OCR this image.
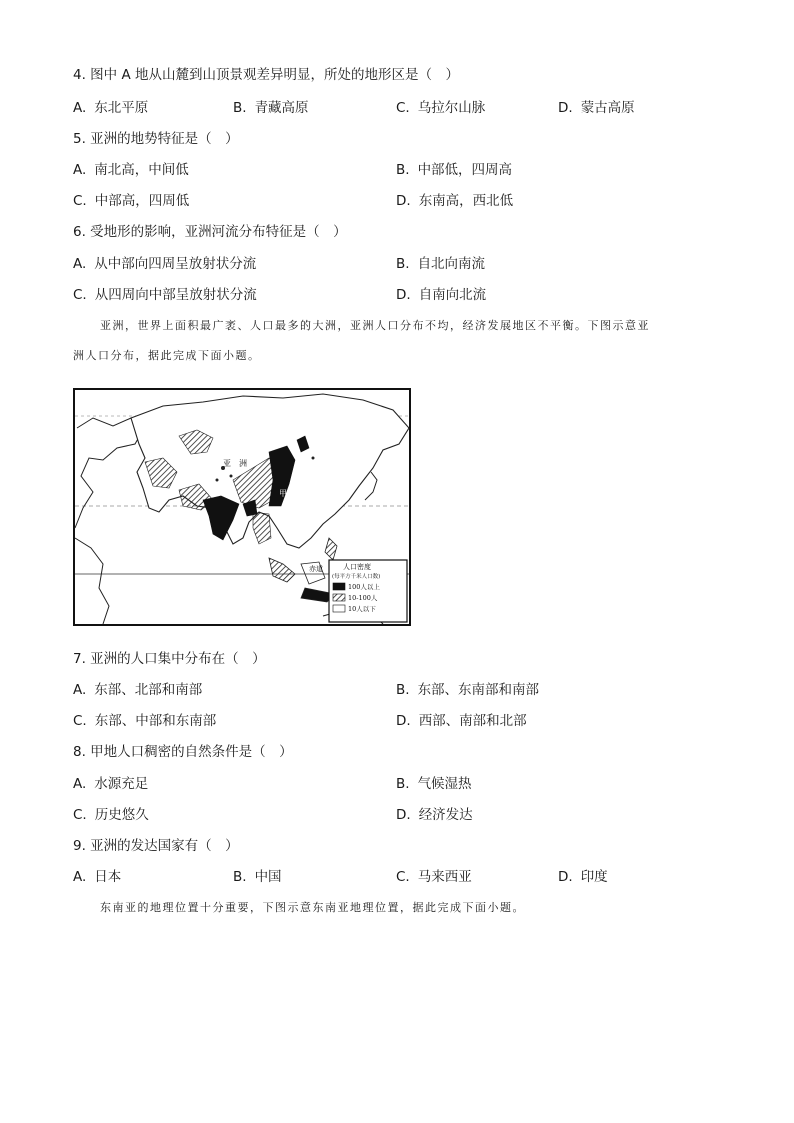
4. 图中 A 地从山麓到山顶景观差异明显，所处的地形区是（　）
A. 东北平原	B. 青藏高原	C. 乌拉尔山脉	D. 蒙古高原
5. 亚洲的地势特征是（　）
A. 南北高，中间低	B. 中部低，四周高
C. 中部高，四周低	D. 东南高，西北低
6. 受地形的影响，亚洲河流分布特征是（　）
A. 从中部向四周呈放射状分流	B. 自北向南流
C. 从四周向中部呈放射状分流	D. 自南向北流
亚洲，世界上面积最广袤、人口最多的大洲，亚洲人口分布不均，经济发展地区不平衡。下图示意亚
洲人口分布，据此完成下面小题。
亚　洲
甲
赤道	人口密度
(每平方千米人口数)
100人以上
10-100人
10人以下
7. 亚洲的人口集中分布在（　）
A. 东部、北部和南部	B. 东部、东南部和南部
C. 东部、中部和东南部	D. 西部、南部和北部
8. 甲地人口稠密的自然条件是（　）
A. 水源充足	B. 气候湿热
C. 历史悠久	D. 经济发达
9. 亚洲的发达国家有（　）
A. 日本	B. 中国	C. 马来西亚	D. 印度
东南亚的地理位置十分重要，下图示意东南亚地理位置，据此完成下面小题。
